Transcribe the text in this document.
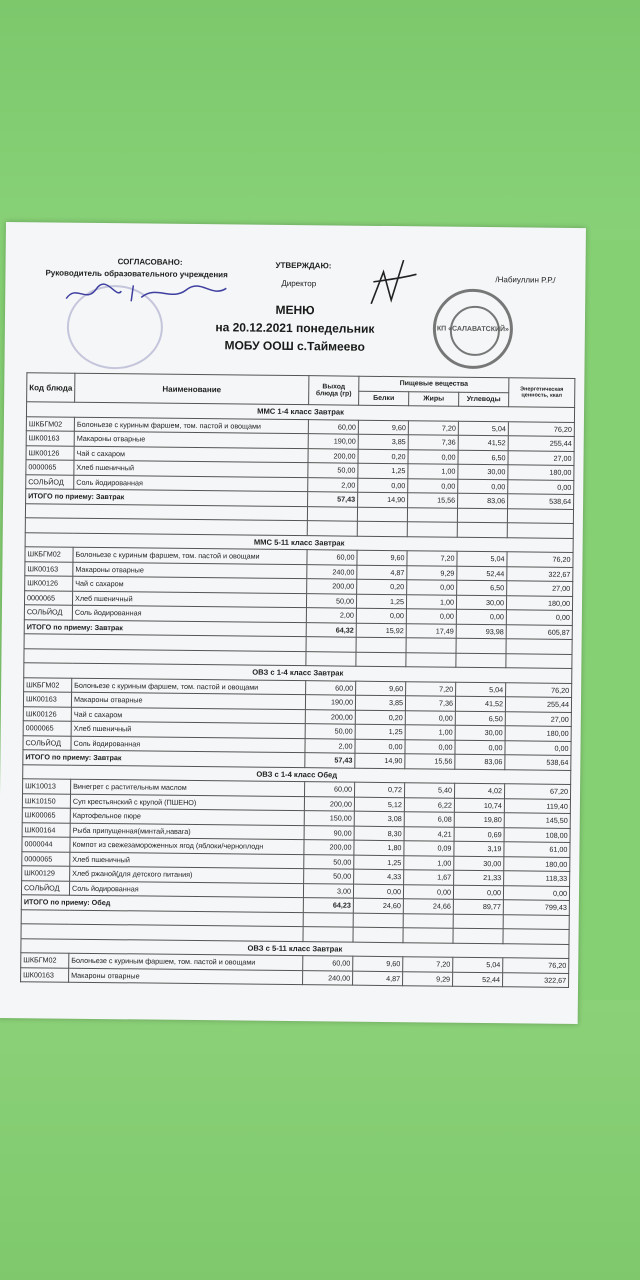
СОГЛАСОВАНО:
Руководитель образовательного учреждения
УТВЕРЖДАЮ:
Директор	/Набиуллин Р.Р./
КП «САЛАВАТСКИЙ»
МЕНЮ
на 20.12.2021 понедельник
МОБУ ООШ с.Таймеево
Код блюда	Наименование	Выход блюда (гр)	Пищевые вещества			Энергетическая ценность, ккал
			Белки	Жиры	Углеводы	
ММС 1-4 класс Завтрак						
ШКБГМ02	Болоньезе с куриным фаршем, том. пастой и овощами	60,00	9,60	7,20	5,04	76,20
ШК00163	Макароны отварные	190,00	3,85	7,36	41,52	255,44
ШК00126	Чай с сахаром	200,00	0,20	0,00	6,50	27,00
0000065	Хлеб пшеничный	50,00	1,25	1,00	30,00	180,00
СОЛЬЙОД	Соль йодированная	2,00	0,00	0,00	0,00	0,00
ИТОГО по приему: Завтрак		57,43	14,90	15,56	83,06	538,64

ММС 5-11 класс Завтрак						
ШКБГМ02	Болоньезе с куриным фаршем, том. пастой и овощами	60,00	9,60	7,20	5,04	76,20
ШК00163	Макароны отварные	240,00	4,87	9,29	52,44	322,67
ШК00126	Чай с сахаром	200,00	0,20	0,00	6,50	27,00
0000065	Хлеб пшеничный	50,00	1,25	1,00	30,00	180,00
СОЛЬЙОД	Соль йодированная	2,00	0,00	0,00	0,00	0,00
ИТОГО по приему: Завтрак		64,32	15,92	17,49	93,98	605,87

ОВЗ с 1-4 класс Завтрак						
ШКБГМ02	Болоньезе с куриным фаршем, том. пастой и овощами	60,00	9,60	7,20	5,04	76,20
ШК00163	Макароны отварные	190,00	3,85	7,36	41,52	255,44
ШК00126	Чай с сахаром	200,00	0,20	0,00	6,50	27,00
0000065	Хлеб пшеничный	50,00	1,25	1,00	30,00	180,00
СОЛЬЙОД	Соль йодированная	2,00	0,00	0,00	0,00	0,00
ИТОГО по приему: Завтрак		57,43	14,90	15,56	83,06	538,64
ОВЗ с 1-4 класс Обед						
ШК10013	Винегрет с растительным маслом	60,00	0,72	5,40	4,02	67,20
ШК10150	Суп крестьянский с крупой (ПШЕНО)	200,00	5,12	6,22	10,74	119,40
ШК00065	Картофельное пюре	150,00	3,08	6,08	19,80	145,50
ШК00164	Рыба припущенная(минтай,навага)	90,00	8,30	4,21	0,69	108,00
0000044	Компот из свежезамороженных ягод (яблоки/черноплодн	200,00	1,80	0,09	3,19	61,00
0000065	Хлеб пшеничный	50,00	1,25	1,00	30,00	180,00
ШК00129	Хлеб ржаной(для детского питания)	50,00	4,33	1,67	21,33	118,33
СОЛЬЙОД	Соль йодированная	3,00	0,00	0,00	0,00	0,00
ИТОГО по приему: Обед		64,23	24,60	24,66	89,77	799,43

ОВЗ с 5-11 класс Завтрак						
ШКБГМ02	Болоньезе с куриным фаршем, том. пастой и овощами	60,00	9,60	7,20	5,04	76,20
ШК00163	Макароны отварные	240,00	4,87	9,29	52,44	322,67
